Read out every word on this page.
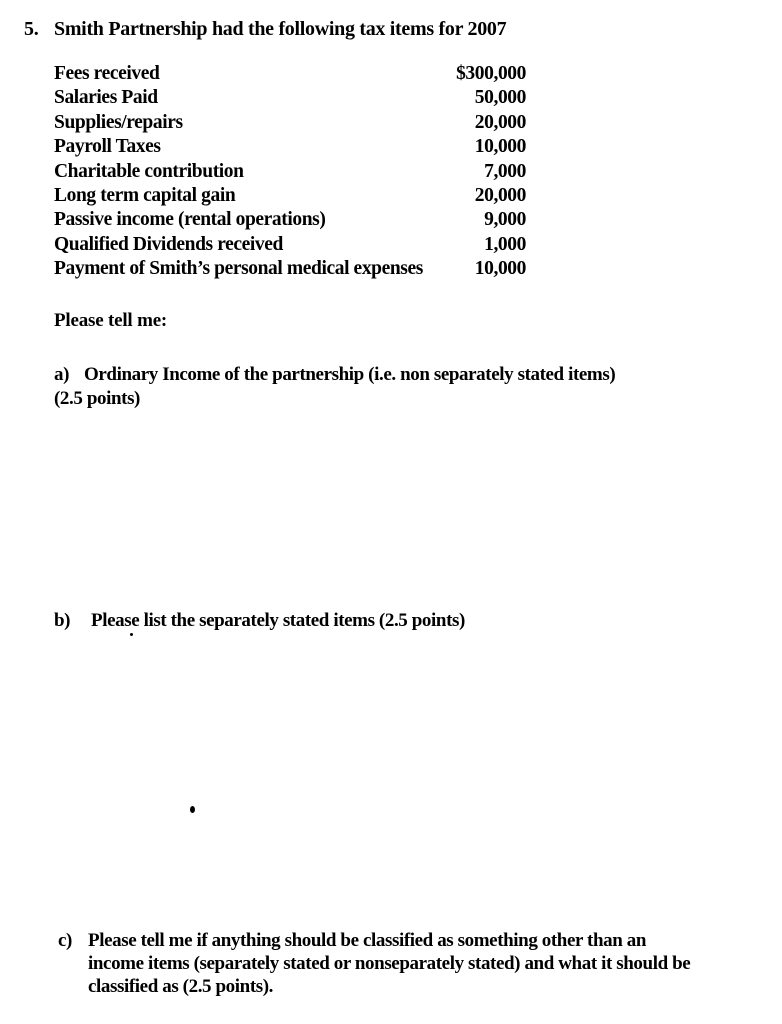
5. Smith Partnership had the following tax items for 2007
Fees received	$300,000
Salaries Paid	50,000
Supplies/repairs	20,000
Payroll Taxes	10,000
Charitable contribution	7,000
Long term capital gain	20,000
Passive income (rental operations)	9,000
Qualified Dividends received	1,000
Payment of Smith’s personal medical expenses	10,000
Please tell me:
a) Ordinary Income of the partnership (i.e. non separately stated items)
(2.5 points)
b) Please list the separately stated items (2.5 points)
c) Please tell me if anything should be classified as something other than an
income items (separately stated or nonseparately stated) and what it should be
classified as (2.5 points).
